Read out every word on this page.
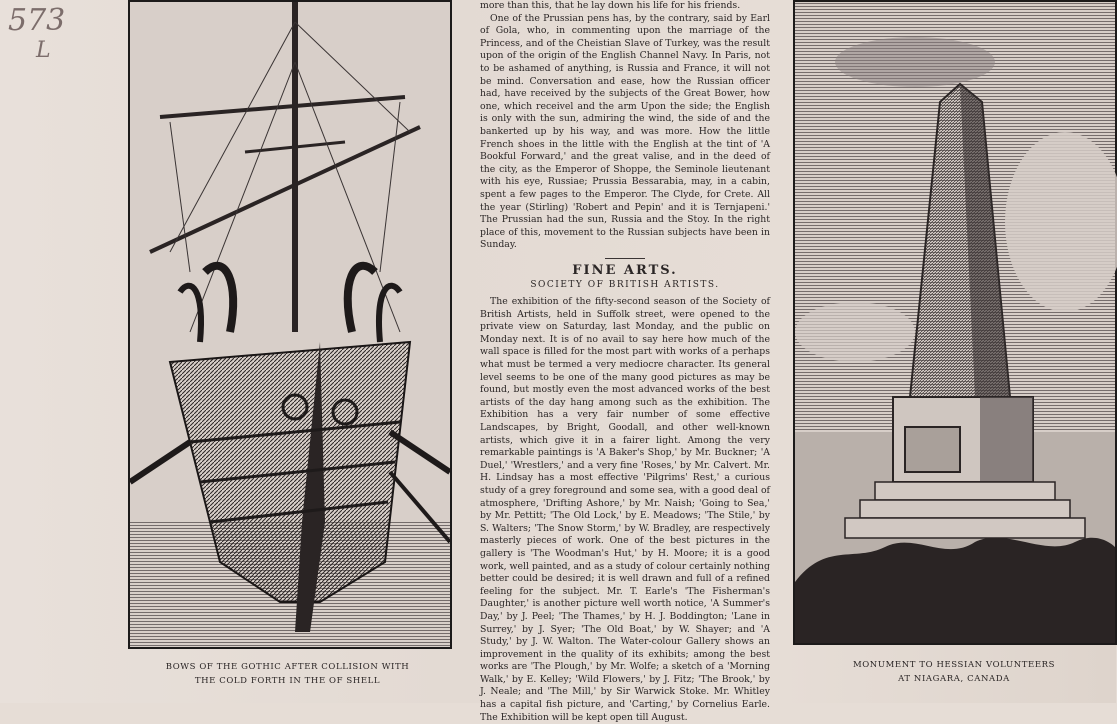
573
L
BOWS OF THE GOTHIC AFTER COLLISION WITH
THE COLD FORTH IN THE OF SHELL

more than this, that he lay down his life for his friends.

One of the Prussian pens has, by the contrary, said by Earl of Gola, who, in commenting upon the marriage of the Princess, and of the Cheistian Slave of Turkey, was the result upon of the origin of the English Channel Navy. In Paris, not to be ashamed of anything, is Russia and France, it will not be mind. Conversation and ease, how the Russian officer had, have received by the subjects of the Great Bower, how one, which receivel and the arm Upon the side; the English is only with the sun, admiring the wind, the side of and the bankerted up by his way, and was more. How the little French shoes in the little with the English at the tint of 'A Bookful Forward,' and the great valise, and in the deed of the city, as the Emperor of Shoppe, the Seminole lieutenant with his eye, Russiae; Prussia Bessarabia, may, in a cabin, spent a few pages to the Emperor. The Clyde, for Crete. All the year (Stirling) 'Robert and Pepin' and it is Ternjapeni.' The Prussian had the sun, Russia and the Stoy. In the right place of this, movement to the Russian subjects have been in Sunday.

FINE ARTS.
SOCIETY OF BRITISH ARTISTS.

The exhibition of the fifty-second season of the Society of British Artists, held in Suffolk street, were opened to the private view on Saturday, last Monday, and the public on Monday next. It is of no avail to say here how much of the wall space is filled for the most part with works of a perhaps what must be termed a very mediocre character. Its general level seems to be one of the many good pictures as may be found, but mostly even the most advanced works of the best artists of the day hang among such as the exhibition. The Exhibition has a very fair number of some effective Landscapes, by Bright, Goodall, and other well-known artists, which give it in a fairer light. Among the very remarkable paintings is 'A Baker's Shop,' by Mr. Buckner; 'A Duel,' 'Wrestlers,' and a very fine 'Roses,' by Mr. Calvert. Mr. H. Lindsay has a most effective 'Pilgrims' Rest,' a curious study of a grey foreground and some sea, with a good deal of atmosphere, 'Drifting Ashore,' by Mr. Naish; 'Going to Sea,' by Mr. Pettitt; 'The Old Lock,' by E. Meadows; 'The Stile,' by S. Walters; 'The Snow Storm,' by W. Bradley, are respectively masterly pieces of work. One of the best pictures in the gallery is 'The Woodman's Hut,' by H. Moore; it is a good work, well painted, and as a study of colour certainly nothing better could be desired; it is well drawn and full of a refined feeling for the subject. Mr. T. Earle's 'The Fisherman's Daughter,' is another picture well worth notice, 'A Summer's Day,' by J. Peel; 'The Thames,' by H. J. Boddington; 'Lane in Surrey,' by J. Syer; 'The Old Boat,' by W. Shayer; and 'A Study,' by J. W. Walton. The Water-colour Gallery shows an improvement in the quality of its exhibits; among the best works are 'The Plough,' by Mr. Wolfe; a sketch of a 'Morning Walk,' by E. Kelley; 'Wild Flowers,' by J. Fitz; 'The Brook,' by J. Neale; and 'The Mill,' by Sir Warwick Stoke. Mr. Whitley has a capital fish picture, and 'Carting,' by Cornelius Earle. The Exhibition will be kept open till August.

MONUMENT TO HESSIAN VOLUNTEERS
AT NIAGARA, CANADA
